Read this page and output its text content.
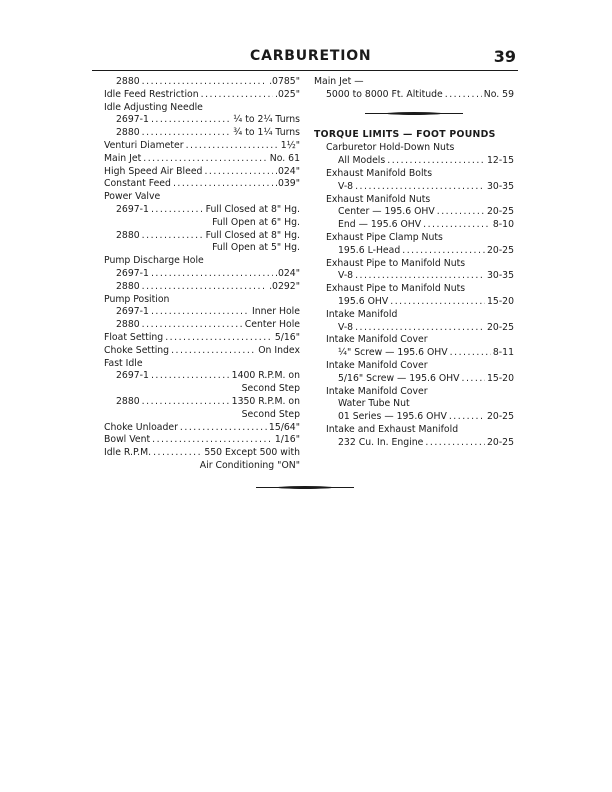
CARBURETION	39
2880 .....	.0785"
Idle Feed Restriction .....	.025"
Idle Adjusting Needle
2697-1 .....	¼ to 2¼ Turns
2880 .....	¾ to 1¼ Turns
Venturi Diameter .....	1½"
Main Jet .....	No. 61
High Speed Air Bleed .....	.024"
Constant Feed .....	.039"
Power Valve
2697-1 .....	Full Closed at 8" Hg.
Full Open at 6" Hg.
2880 .....	Full Closed at 8" Hg.
Full Open at 5" Hg.
Pump Discharge Hole
2697-1 .....	.024"
2880 .....	.0292"
Pump Position
2697-1 .....	Inner Hole
2880 .....	Center Hole
Float Setting .....	5/16"
Choke Setting .....	On Index
Fast Idle
2697-1 .....	1400 R.P.M. on
Second Step
2880 .....	1350 R.P.M. on
Second Step
Choke Unloader .....	15/64"
Bowl Vent .....	1/16"
Idle R.P.M. .....	550 Except 500 with
Air Conditioning "ON"
Main Jet —
5000 to 8000 Ft. Altitude .....	No. 59
TORQUE LIMITS — FOOT POUNDS
Carburetor Hold-Down Nuts
All Models .....	12-15
Exhaust Manifold Bolts
V-8 .....	30-35
Exhaust Manifold Nuts
Center — 195.6 OHV .....	20-25
End — 195.6 OHV .....	8-10
Exhaust Pipe Clamp Nuts
195.6 L-Head .....	20-25
Exhaust Pipe to Manifold Nuts
V-8 .....	30-35
Exhaust Pipe to Manifold Nuts
195.6 OHV .....	15-20
Intake Manifold
V-8 .....	20-25
Intake Manifold Cover
¼" Screw — 195.6 OHV .....	8-11
Intake Manifold Cover
5/16" Screw — 195.6 OHV .....	15-20
Intake Manifold Cover
Water Tube Nut
01 Series — 195.6 OHV .....	20-25
Intake and Exhaust Manifold
232 Cu. In. Engine .....	20-25
